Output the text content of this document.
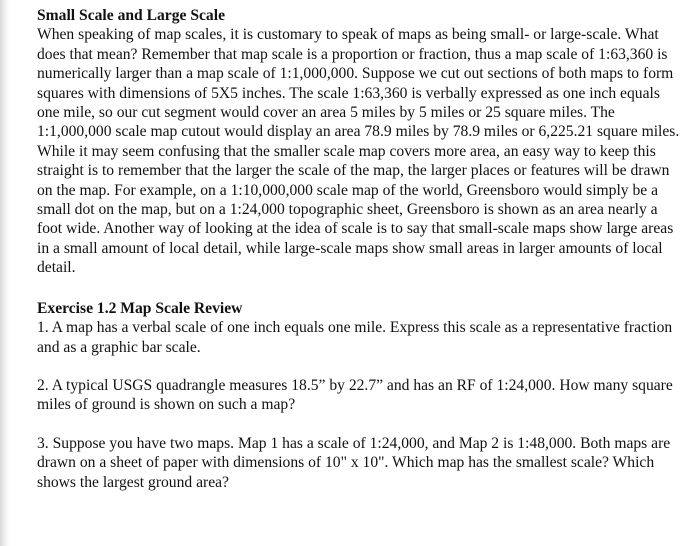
Small Scale and Large Scale

When speaking of map scales, it is customary to speak of maps as being small- or large-scale. What does that mean? Remember that map scale is a proportion or fraction, thus a map scale of 1:63,360 is numerically larger than a map scale of 1:1,000,000. Suppose we cut out sections of both maps to form squares with dimensions of 5X5 inches. The scale 1:63,360 is verbally expressed as one inch equals one mile, so our cut segment would cover an area 5 miles by 5 miles or 25 square miles. The 1:1,000,000 scale map cutout would display an area 78.9 miles by 78.9 miles or 6,225.21 square miles. While it may seem confusing that the smaller scale map covers more area, an easy way to keep this straight is to remember that the larger the scale of the map, the larger places or features will be drawn on the map. For example, on a 1:10,000,000 scale map of the world, Greensboro would simply be a small dot on the map, but on a 1:24,000 topographic sheet, Greensboro is shown as an area nearly a foot wide. Another way of looking at the idea of scale is to say that small-scale maps show large areas in a small amount of local detail, while large-scale maps show small areas in larger amounts of local detail.

Exercise 1.2 Map Scale Review

1. A map has a verbal scale of one inch equals one mile. Express this scale as a representative fraction and as a graphic bar scale.

2. A typical USGS quadrangle measures 18.5” by 22.7” and has an RF of 1:24,000. How many square miles of ground is shown on such a map?

3. Suppose you have two maps. Map 1 has a scale of 1:24,000, and Map 2 is 1:48,000. Both maps are drawn on a sheet of paper with dimensions of 10" x 10". Which map has the smallest scale? Which shows the largest ground area?
